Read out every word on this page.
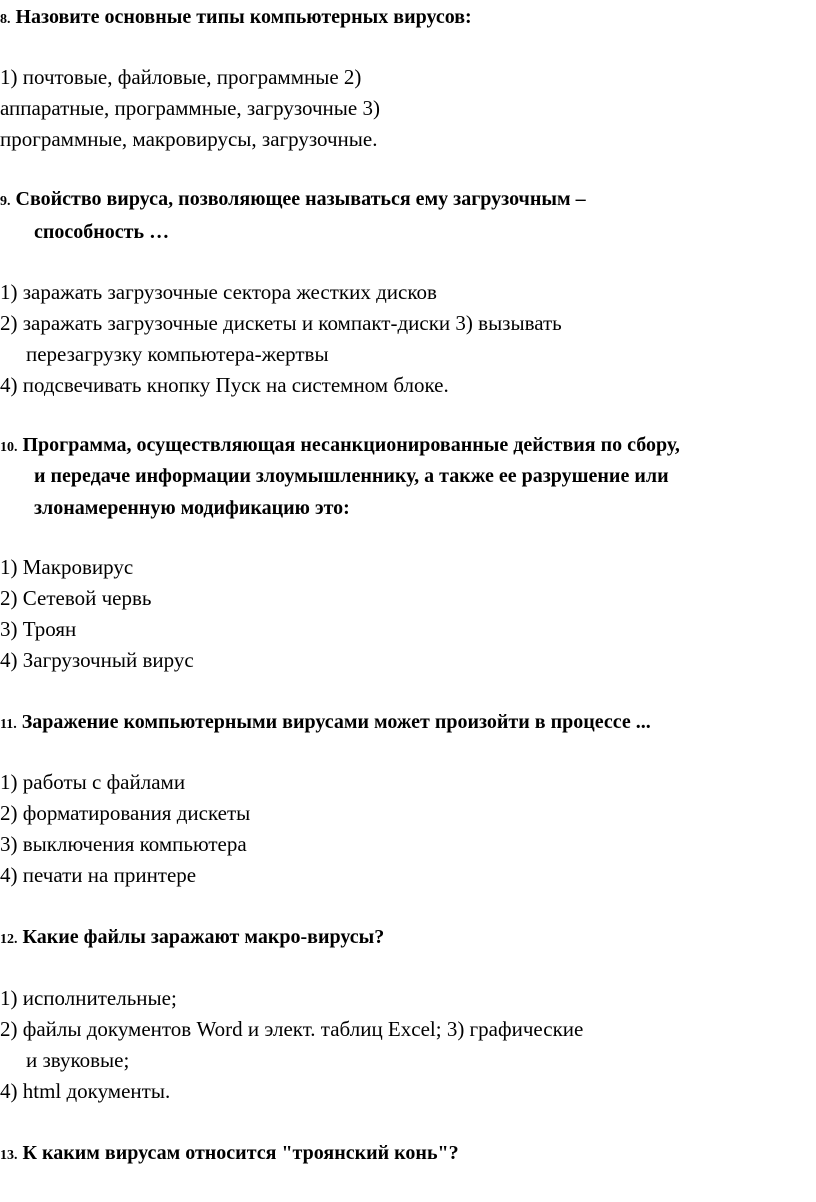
8. Назовите основные типы компьютерных вирусов:
1) почтовые, файловые, программные 2)
аппаратные, программные, загрузочные 3)
программные, макровирусы, загрузочные.
9. Свойство вируса, позволяющее называться ему загрузочным –
способность …
1) заражать загрузочные сектора жестких дисков
2) заражать загрузочные дискеты и компакт-диски 3) вызывать
перезагрузку компьютера-жертвы
4) подсвечивать кнопку Пуск на системном блоке.
10. Программа, осуществляющая несанкционированные действия по сбору,
и передаче информации злоумышленнику, а также ее разрушение или
злонамеренную модификацию это:
1) Макровирус
2) Сетевой червь
3) Троян
4) Загрузочный вирус
11. Заражение компьютерными вирусами может произойти в процессе ...
1) работы с файлами
2) форматирования дискеты
3) выключения компьютера
4) печати на принтере
12. Какие файлы заражают макро-вирусы?
1) исполнительные;
2) файлы документов Word и элект. таблиц Excel; 3) графические
и звуковые;
4) html документы.
13. К каким вирусам относится "троянский конь"?
